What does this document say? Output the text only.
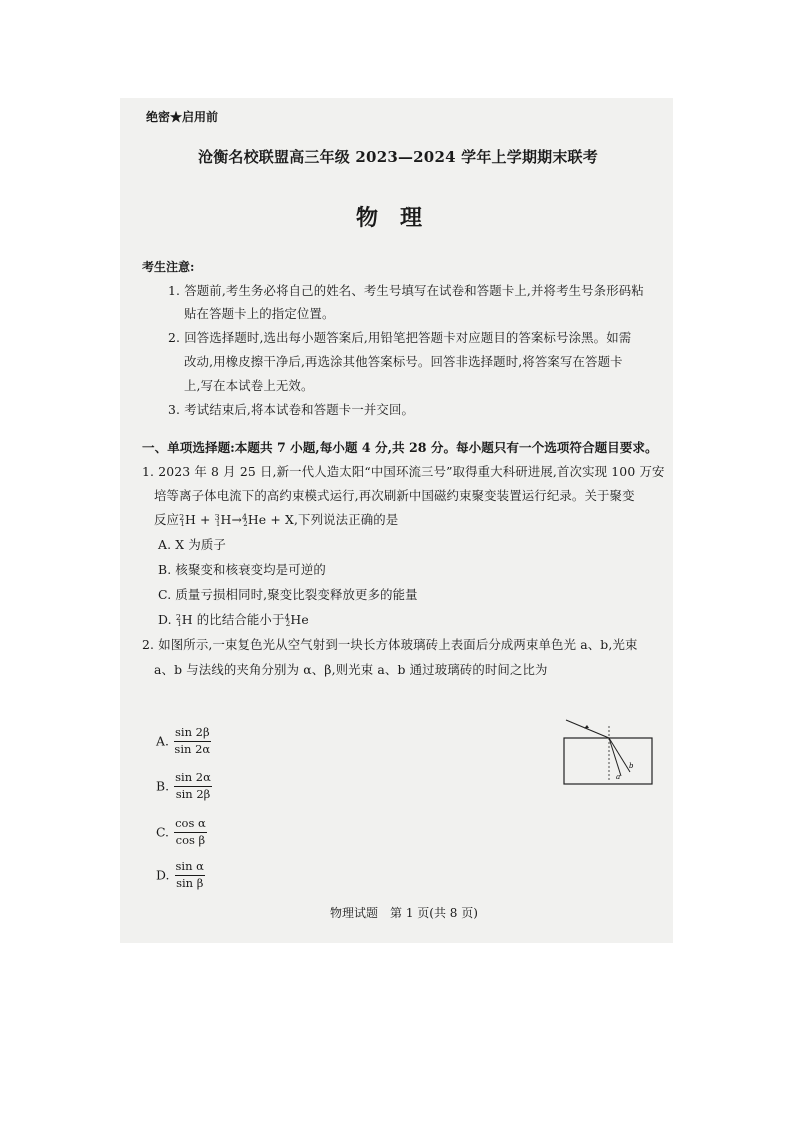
绝密★启用前
沧衡名校联盟高三年级 2023—2024 学年上学期期末联考
物　理
考生注意:
1. 答题前,考生务必将自己的姓名、考生号填写在试卷和答题卡上,并将考生号条形码粘
贴在答题卡上的指定位置。
2. 回答选择题时,选出每小题答案后,用铅笔把答题卡对应题目的答案标号涂黑。如需
改动,用橡皮擦干净后,再选涂其他答案标号。回答非选择题时,将答案写在答题卡
上,写在本试卷上无效。
3. 考试结束后,将本试卷和答题卡一并交回。
一、单项选择题:本题共 7 小题,每小题 4 分,共 28 分。每小题只有一个选项符合题目要求。
1. 2023 年 8 月 25 日,新一代人造太阳“中国环流三号”取得重大科研进展,首次实现 100 万安
培等离子体电流下的高约束模式运行,再次刷新中国磁约束聚变装置运行纪录。关于聚变
反应$^2_1$H + $^3_1$H→$^4_2$He + X,下列说法正确的是
A. X 为质子
B. 核聚变和核衰变均是可逆的
C. 质量亏损相同时,聚变比裂变释放更多的能量
D. $^2_1$H 的比结合能小于$^4_2$He
2. 如图所示,一束复色光从空气射到一块长方体玻璃砖上表面后分成两束单色光 a、b,光束
a、b 与法线的夹角分别为 α、β,则光束 a、b 通过玻璃砖的时间之比为
A. $\frac{\sin 2\beta}{\sin 2\alpha}$
B. $\frac{\sin 2\alpha}{\sin 2\beta}$
C. $\frac{\text{cos α}}{\text{cos β}}$
D. $\frac{\text{sin α}}{\text{sin β}}$
a
b
物理试题　第 1 页(共 8 页)
